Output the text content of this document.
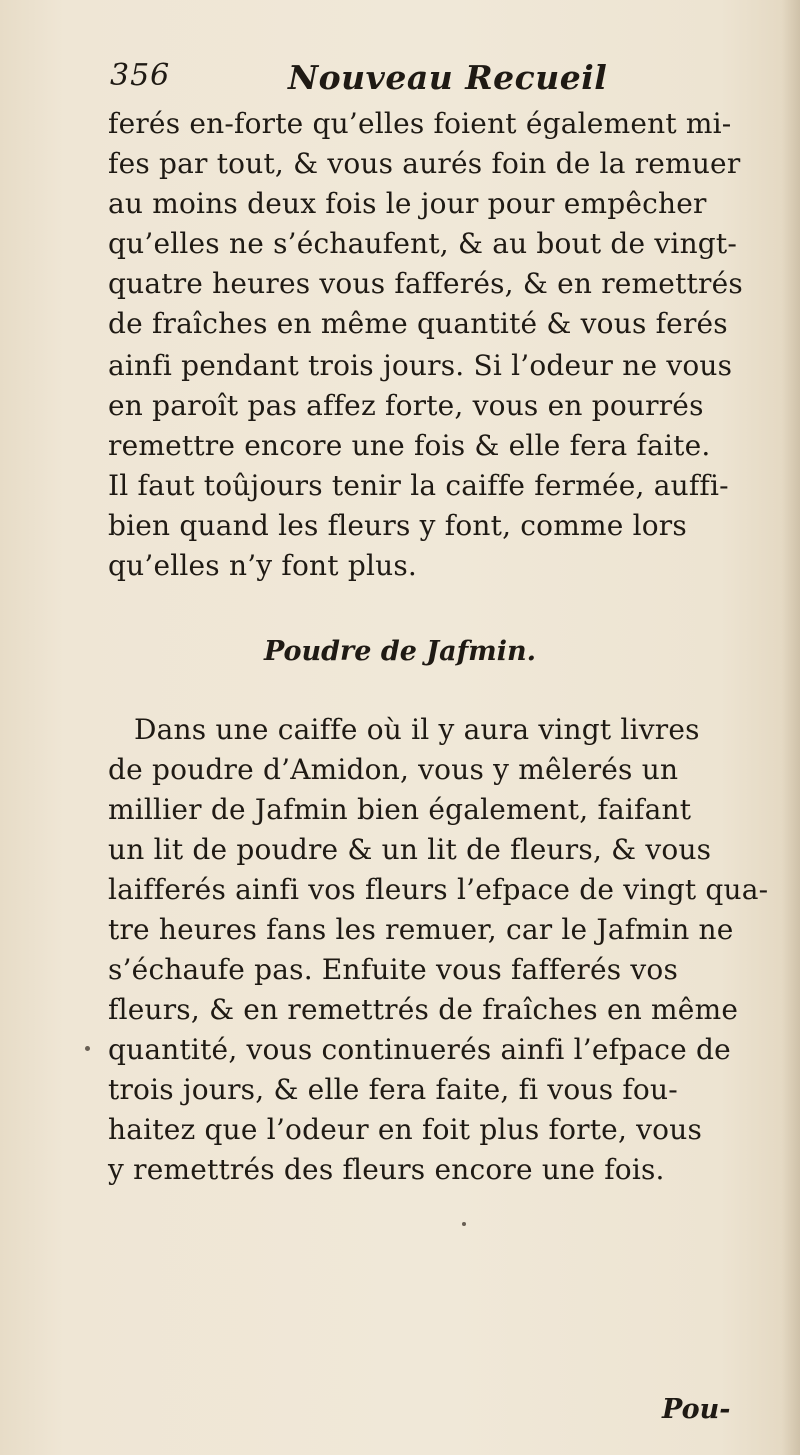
356	Nouveau Recueil
ferés en-forte qu’elles foient également mi-
fes par tout, & vous aurés foin de la remuer
au moins deux fois le jour pour empêcher
qu’elles ne s’échaufent, & au bout de vingt-
quatre heures vous fafferés, & en remettrés
de fraîches en même quantité & vous ferés
ainfi pendant trois jours. Si l’odeur ne vous
en paroît pas affez forte, vous en pourrés
remettre encore une fois & elle fera faite.
Il faut toûjours tenir la caiffe fermée, auffi-
bien quand les fleurs y font, comme lors
qu’elles n’y font plus.
Poudre de Jafmin.
Dans une caiffe où il y aura vingt livres
de poudre d’Amidon, vous y mêlerés un
millier de Jafmin bien également, faifant
un lit de poudre & un lit de fleurs, & vous
laifferés ainfi vos fleurs l’efpace de vingt qua-
tre heures fans les remuer, car le Jafmin ne
s’échaufe pas. Enfuite vous fafferés vos
fleurs, & en remettrés de fraîches en même
quantité, vous continuerés ainfi l’efpace de
trois jours, & elle fera faite, fi vous fou-
haitez que l’odeur en foit plus forte, vous
y remettrés des fleurs encore une fois.
Pou-
